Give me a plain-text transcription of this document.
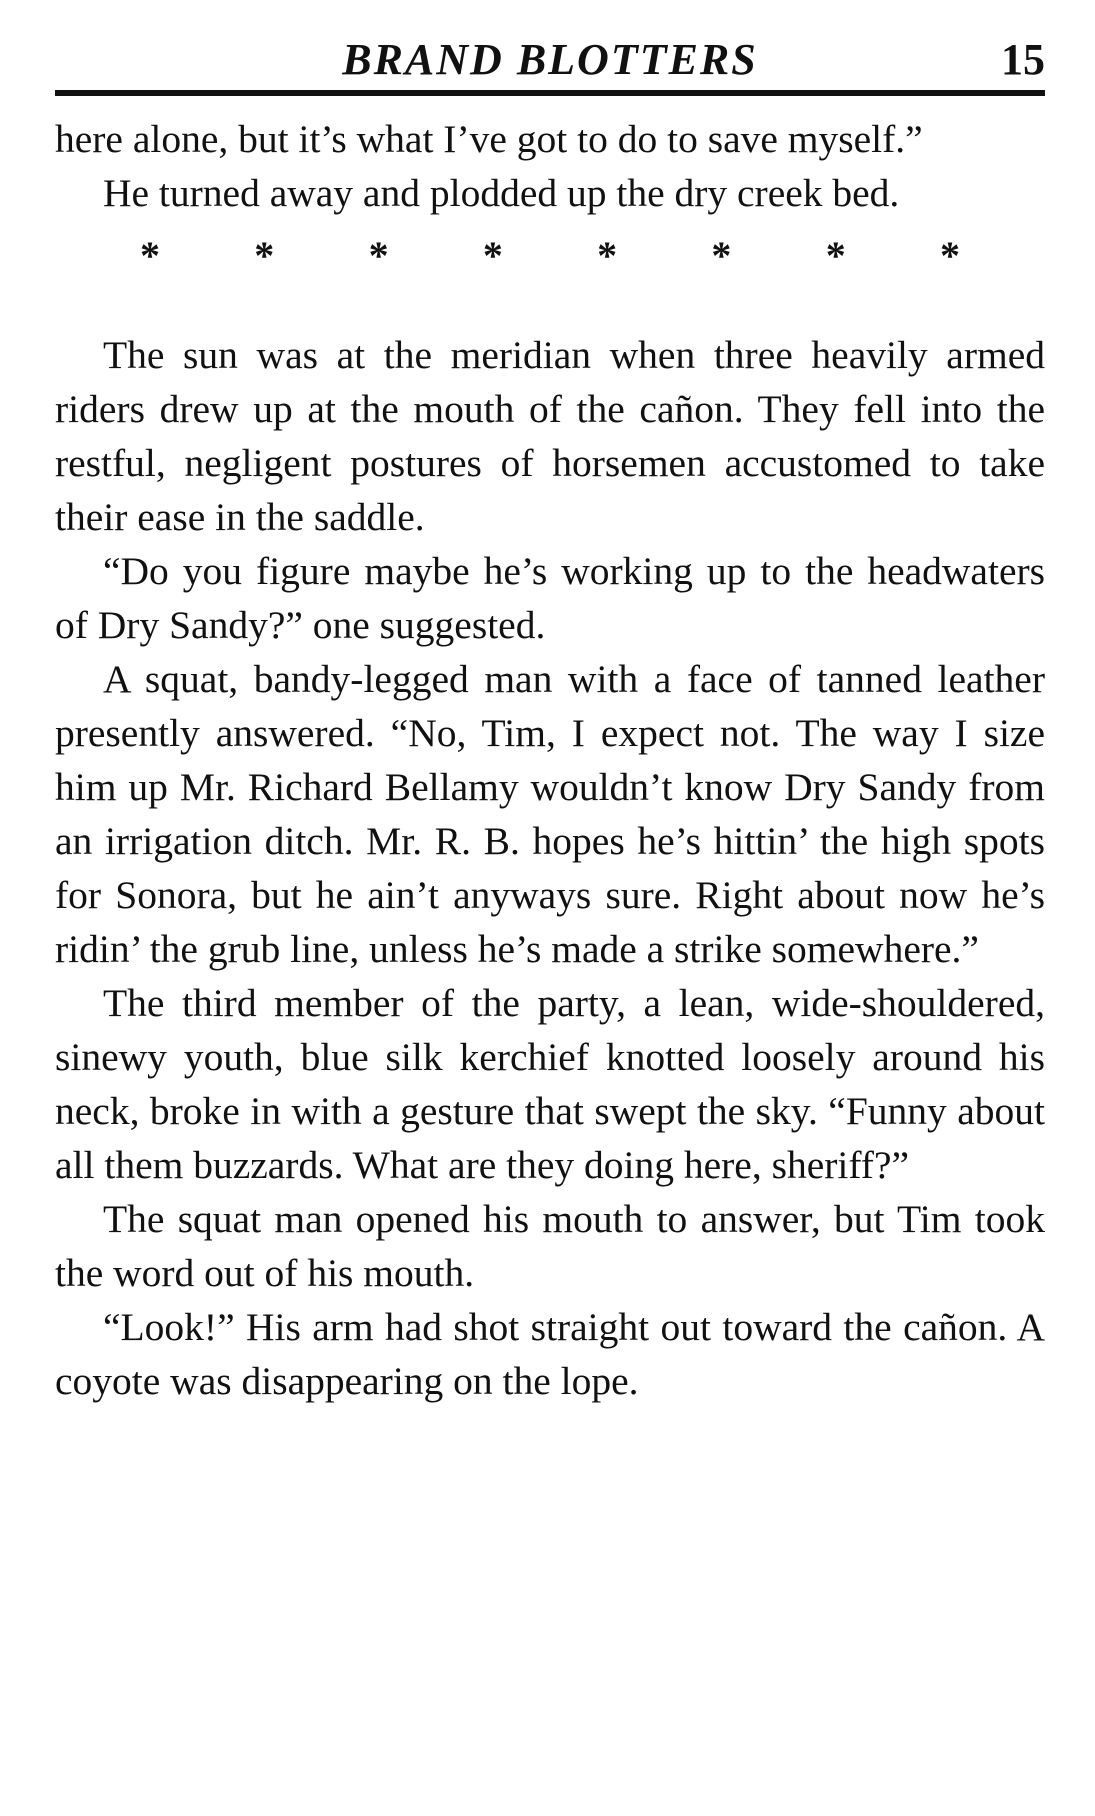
BRAND BLOTTERS	15

here alone, but it’s what I’ve got to do to save myself.”

He turned away and plodded up the dry creek bed.

* * * * * * * *

The sun was at the meridian when three heavily armed riders drew up at the mouth of the cañon. They fell into the restful, negligent postures of horsemen accustomed to take their ease in the saddle.

“Do you figure maybe he’s working up to the headwaters of Dry Sandy?” one suggested.

A squat, bandy-legged man with a face of tanned leather presently answered. “No, Tim, I expect not. The way I size him up Mr. Richard Bellamy wouldn’t know Dry Sandy from an irrigation ditch. Mr. R. B. hopes he’s hittin’ the high spots for Sonora, but he ain’t anyways sure. Right about now he’s ridin’ the grub line, unless he’s made a strike somewhere.”

The third member of the party, a lean, wide-shouldered, sinewy youth, blue silk kerchief knotted loosely around his neck, broke in with a gesture that swept the sky. “Funny about all them buzzards. What are they doing here, sheriff?”

The squat man opened his mouth to answer, but Tim took the word out of his mouth.

“Look!” His arm had shot straight out toward the cañon. A coyote was disappearing on the lope.
